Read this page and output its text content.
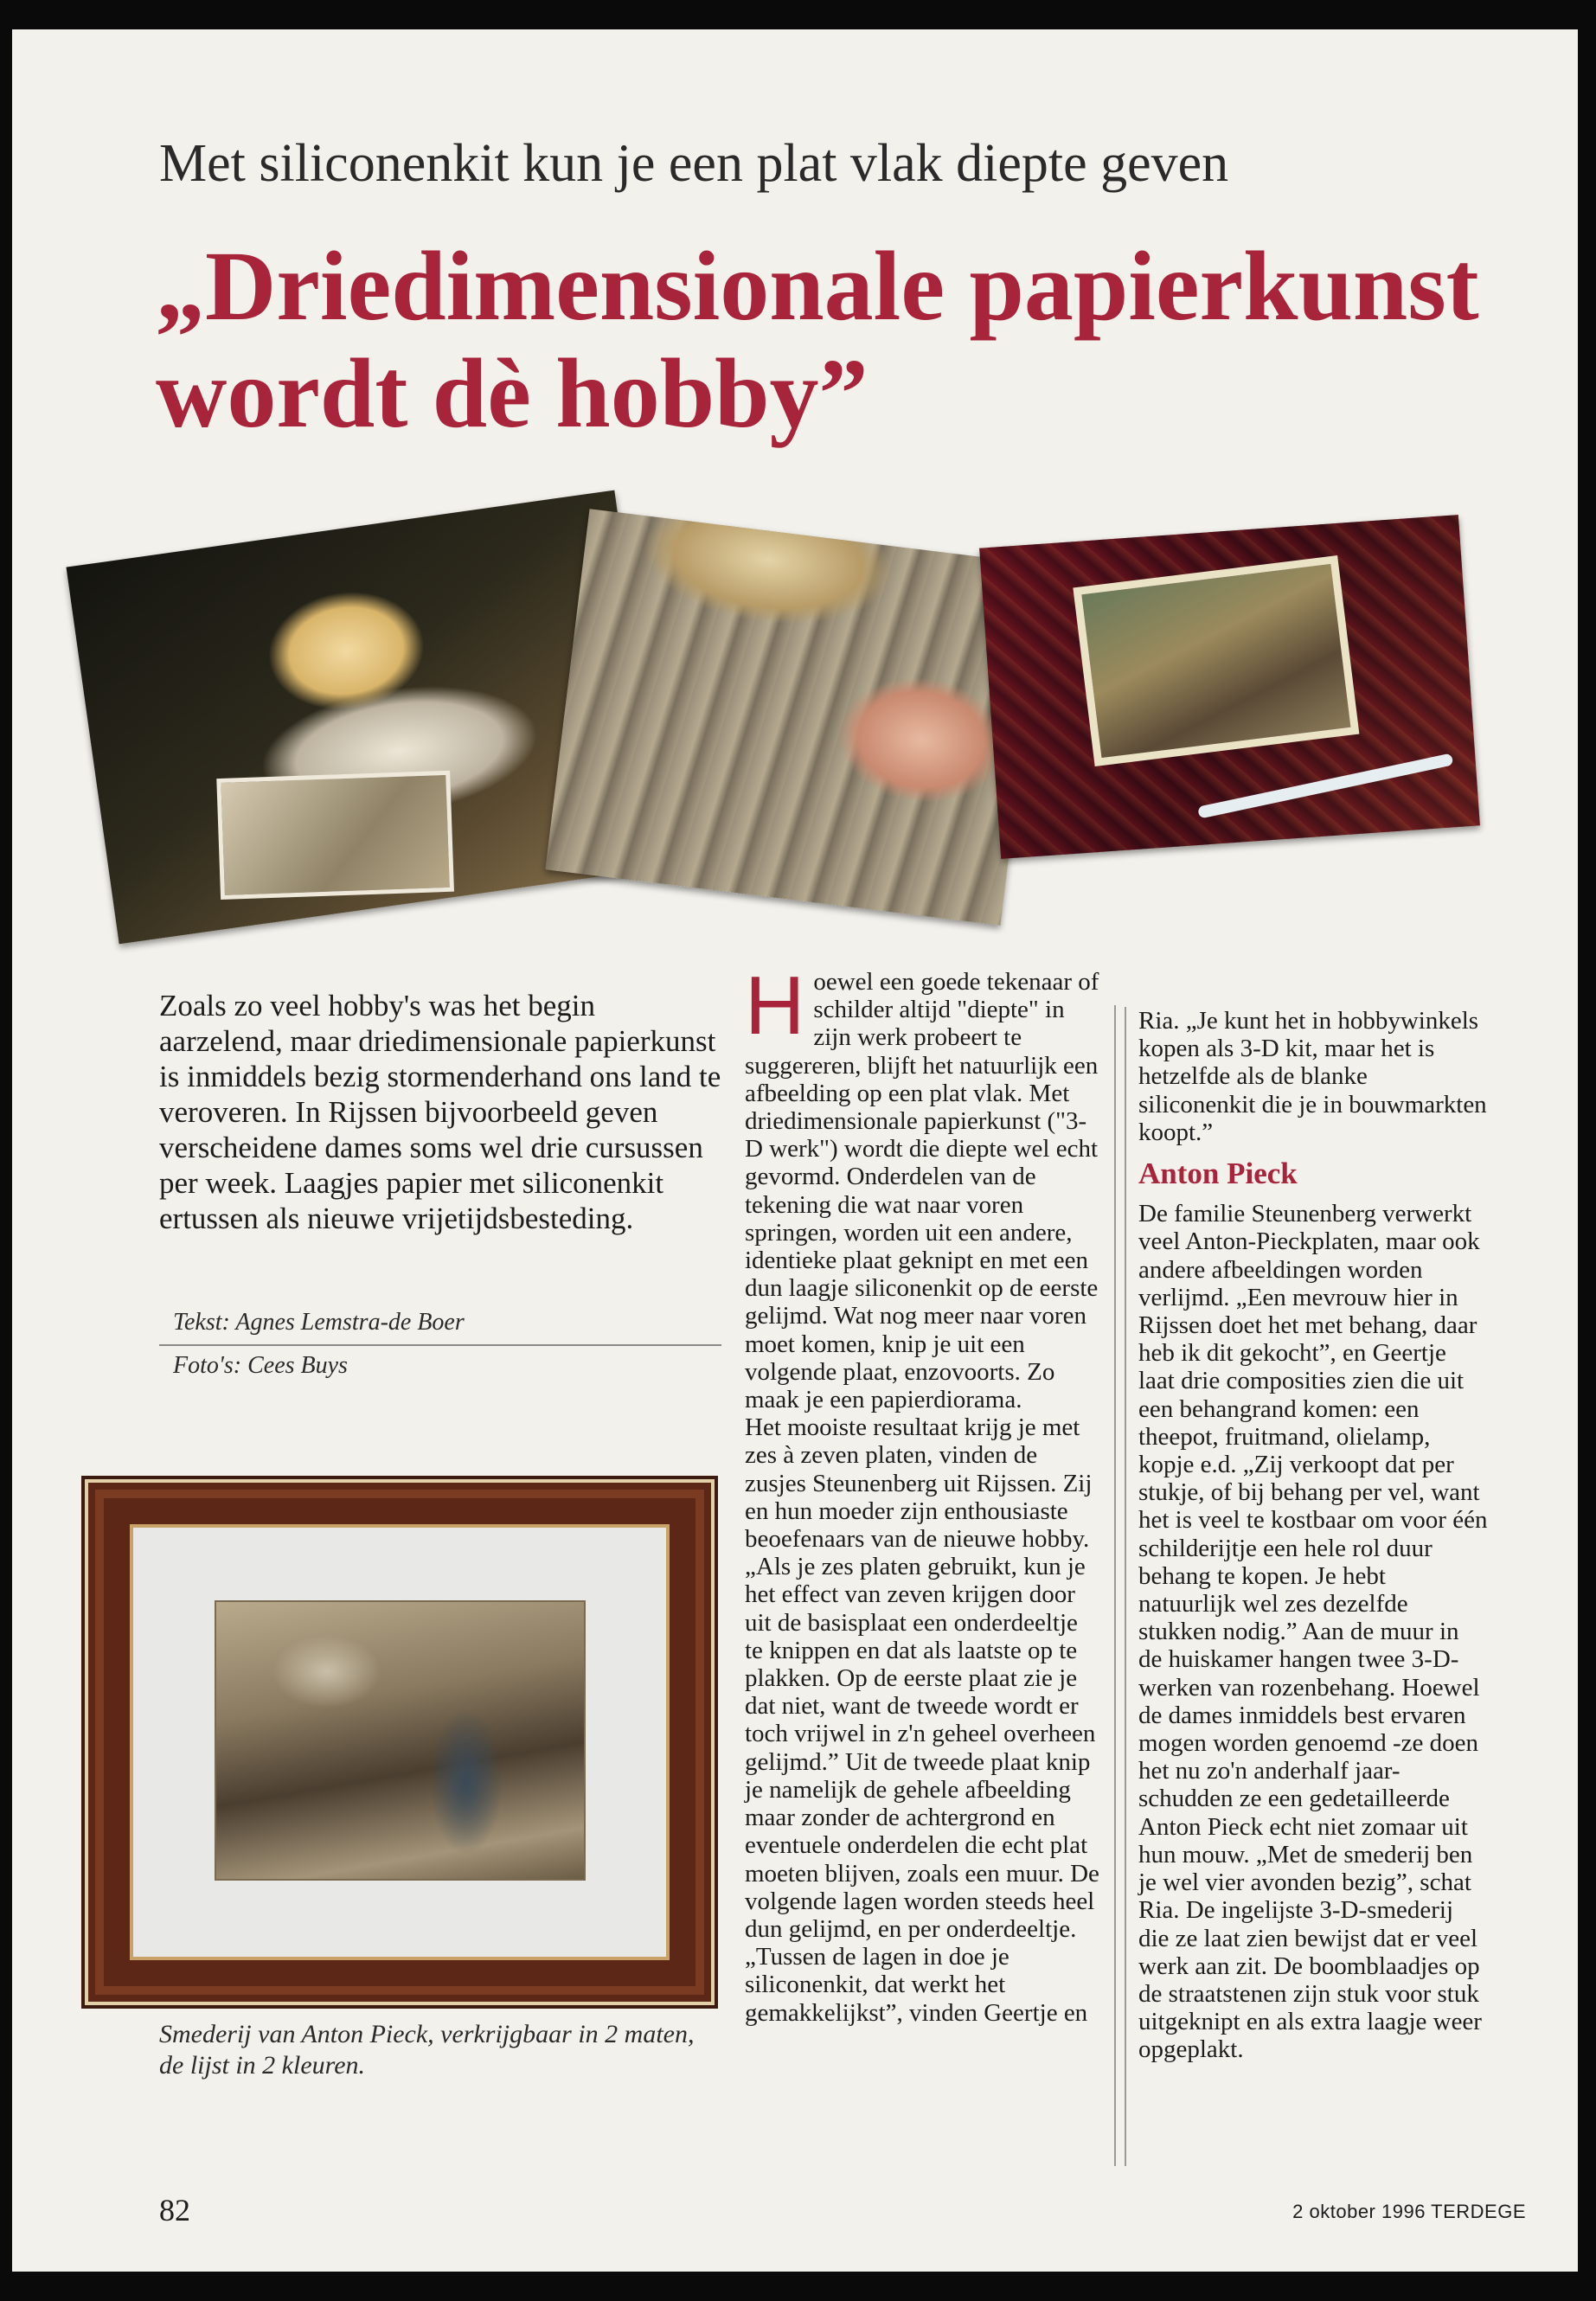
Met siliconenkit kun je een plat vlak diepte geven
„Driedimensionale papierkunst wordt dè hobby”
Zoals zo veel hobby's was het begin aarzelend, maar driedimensionale papierkunst is inmiddels bezig stormenderhand ons land te veroveren. In Rijssen bijvoorbeeld geven verscheidene dames soms wel drie cursussen per week. Laagjes papier met siliconenkit ertussen als nieuwe vrijetijdsbesteding.
Tekst: Agnes Lemstra-de Boer
Foto's: Cees Buys
Smederij van Anton Pieck, verkrijgbaar in 2 maten, de lijst in 2 kleuren.
H oewel een goede tekenaar of schilder altijd "diepte" in zijn werk probeert te suggereren, blijft het natuurlijk een afbeelding op een plat vlak. Met driedimensionale papierkunst ("3-D werk") wordt die diepte wel echt gevormd. Onderdelen van de tekening die wat naar voren springen, worden uit een andere, identieke plaat geknipt en met een dun laagje siliconenkit op de eerste gelijmd. Wat nog meer naar voren moet komen, knip je uit een volgende plaat, enzovoorts. Zo maak je een papierdiorama.

Het mooiste resultaat krijg je met zes à zeven platen, vinden de zusjes Steunenberg uit Rijssen. Zij en hun moeder zijn enthousiaste beoefenaars van de nieuwe hobby. „Als je zes platen gebruikt, kun je het effect van zeven krijgen door uit de basisplaat een onderdeeltje te knippen en dat als laatste op te plakken. Op de eerste plaat zie je dat niet, want de tweede wordt er toch vrijwel in z'n geheel overheen gelijmd.” Uit de tweede plaat knip je namelijk de gehele afbeelding maar zonder de achtergrond en eventuele onderdelen die echt plat moeten blijven, zoals een muur. De volgende lagen worden steeds heel dun gelijmd, en per onderdeeltje. „Tussen de lagen in doe je siliconenkit, dat werkt het gemakkelijkst”, vinden Geertje en

Ria. „Je kunt het in hobbywinkels kopen als 3-D kit, maar het is hetzelfde als de blanke siliconenkit die je in bouwmarkten koopt.”

Anton Pieck

De familie Steunenberg verwerkt veel Anton-Pieckplaten, maar ook andere afbeeldingen worden verlijmd. „Een mevrouw hier in Rijssen doet het met behang, daar heb ik dit gekocht”, en Geertje laat drie composities zien die uit een behangrand komen: een theepot, fruitmand, olielamp, kopje e.d. „Zij verkoopt dat per stukje, of bij behang per vel, want het is veel te kostbaar om voor één schilderijtje een hele rol duur behang te kopen. Je hebt natuurlijk wel zes dezelfde stukken nodig.” Aan de muur in de huiskamer hangen twee 3-D-werken van rozenbehang. Hoewel de dames inmiddels best ervaren mogen worden genoemd -ze doen het nu zo'n anderhalf jaar- schudden ze een gedetailleerde Anton Pieck echt niet zomaar uit hun mouw. „Met de smederij ben je wel vier avonden bezig”, schat Ria. De ingelijste 3-D-smederij die ze laat zien bewijst dat er veel werk aan zit. De boomblaadjes op de straatstenen zijn stuk voor stuk uitgeknipt en als extra laagje weer opgeplakt.

82	2 oktober 1996 TERDEGE
